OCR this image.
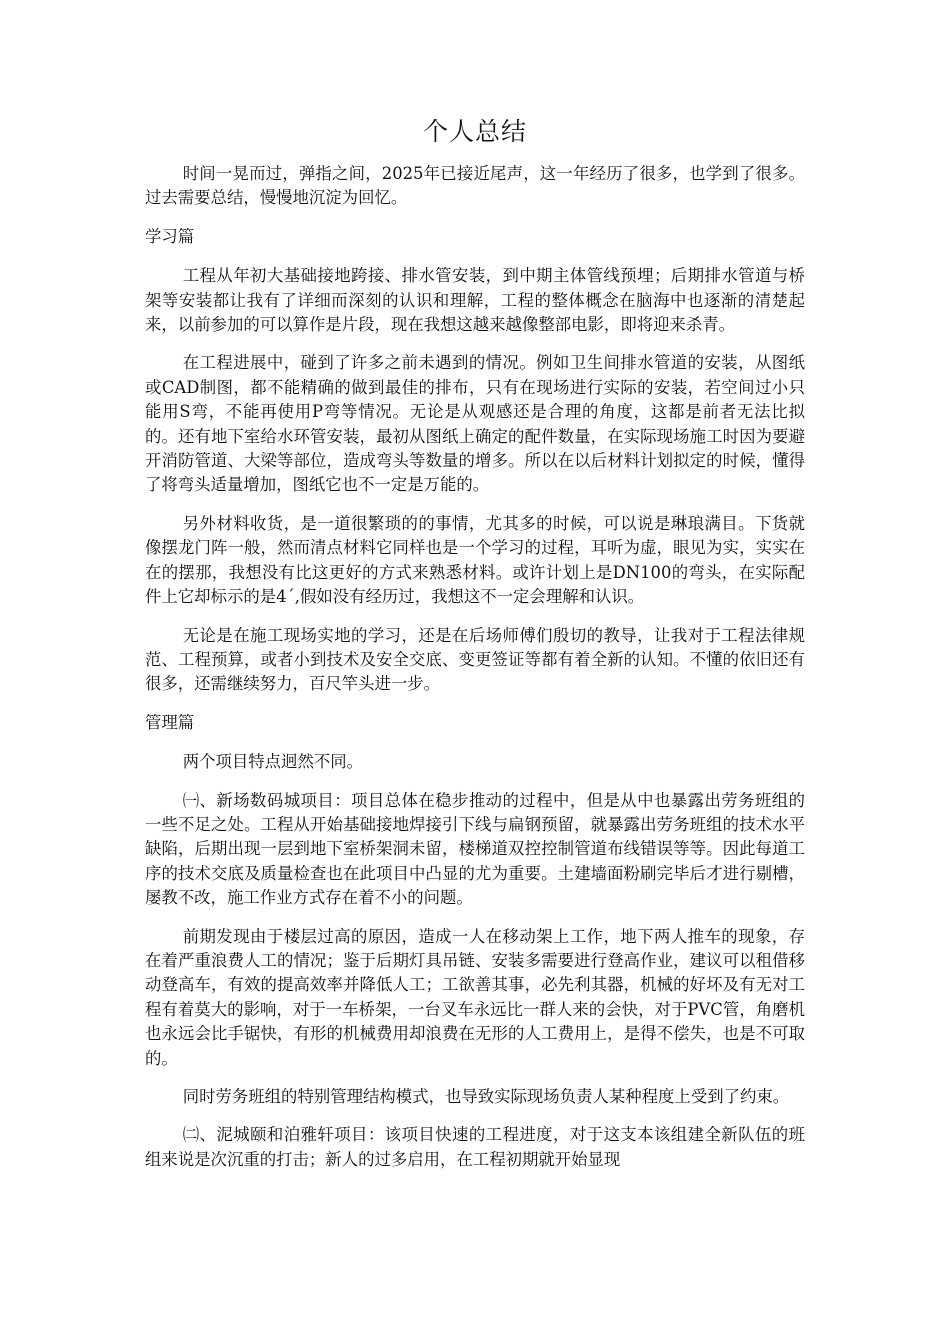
个人总结

时间一晃而过，弹指之间，2025年已接近尾声，这一年经历了很多，也学到了很多。过去需要总结，慢慢地沉淀为回忆。

学习篇

工程从年初大基础接地跨接、排水管安装，到中期主体管线预埋；后期排水管道与桥架等安装都让我有了详细而深刻的认识和理解，工程的整体概念在脑海中也逐渐的清楚起来，以前参加的可以算作是片段，现在我想这越来越像整部电影，即将迎来杀青。

在工程进展中，碰到了许多之前未遇到的情况。例如卫生间排水管道的安装，从图纸或CAD制图，都不能精确的做到最佳的排布，只有在现场进行实际的安装，若空间过小只能用S弯，不能再使用P弯等情况。无论是从观感还是合理的角度，这都是前者无法比拟的。还有地下室给水环管安装，最初从图纸上确定的配件数量，在实际现场施工时因为要避开消防管道、大梁等部位，造成弯头等数量的增多。所以在以后材料计划拟定的时候，懂得了将弯头适量增加，图纸它也不一定是万能的。

另外材料收货，是一道很繁琐的的事情，尤其多的时候，可以说是琳琅满目。下货就像摆龙门阵一般，然而清点材料它同样也是一个学习的过程，耳听为虚，眼见为实，实实在在的摆那，我想没有比这更好的方式来熟悉材料。或许计划上是DN100的弯头，在实际配件上它却标示的是4´,假如没有经历过，我想这不一定会理解和认识。

无论是在施工现场实地的学习，还是在后场师傅们殷切的教导，让我对于工程法律规范、工程预算，或者小到技术及安全交底、变更签证等都有着全新的认知。不懂的依旧还有很多，还需继续努力，百尺竿头进一步。

管理篇

两个项目特点迥然不同。

㈠、新场数码城项目：项目总体在稳步推动的过程中，但是从中也暴露出劳务班组的一些不足之处。工程从开始基础接地焊接引下线与扁钢预留，就暴露出劳务班组的技术水平缺陷，后期出现一层到地下室桥架洞未留，楼梯道双控控制管道布线错误等等。因此每道工序的技术交底及质量检查也在此项目中凸显的尤为重要。土建墙面粉刷完毕后才进行剔槽，屡教不改，施工作业方式存在着不小的问题。

前期发现由于楼层过高的原因，造成一人在移动架上工作，地下两人推车的现象，存在着严重浪费人工的情况；鉴于后期灯具吊链、安装多需要进行登高作业，建议可以租借移动登高车，有效的提高效率并降低人工；工欲善其事，必先利其器，机械的好坏及有无对工程有着莫大的影响，对于一车桥架，一台叉车永远比一群人来的会快，对于PVC管，角磨机也永远会比手锯快，有形的机械费用却浪费在无形的人工费用上，是得不偿失，也是不可取的。

同时劳务班组的特别管理结构模式，也导致实际现场负责人某种程度上受到了约束。

㈡、泥城颐和泊雅轩项目：该项目快速的工程进度，对于这支本该组建全新队伍的班组来说是次沉重的打击；新人的过多启用，在工程初期就开始显现
